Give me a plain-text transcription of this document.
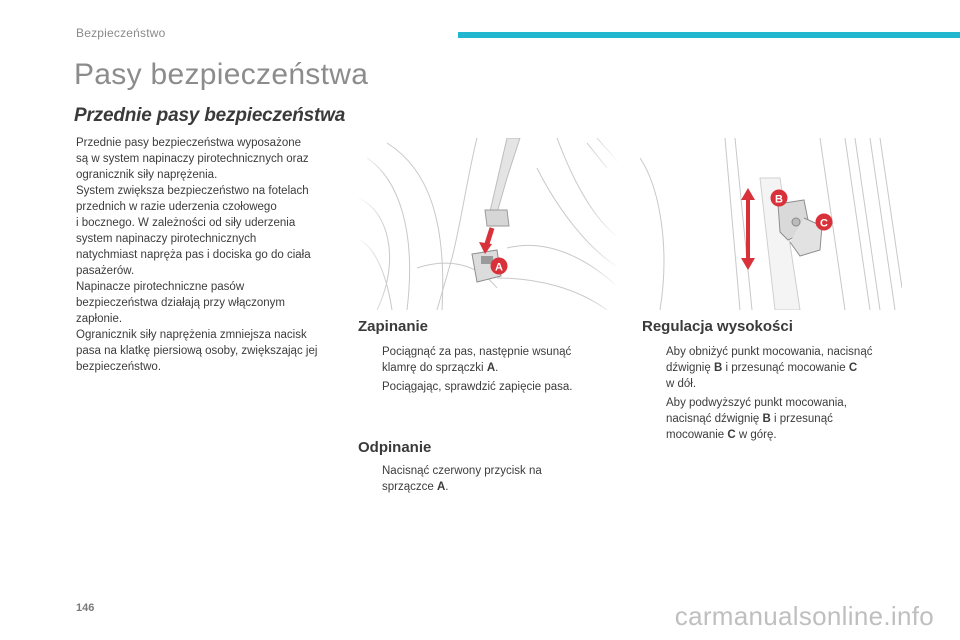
Bezpieczeństwo
Pasy bezpieczeństwa
Przednie pasy bezpieczeństwa

Przednie pasy bezpieczeństwa wyposażone
są w system napinaczy pirotechnicznych oraz
ogranicznik siły naprężenia.

System zwiększa bezpieczeństwo na fotelach
przednich w razie uderzenia czołowego
i bocznego. W zależności od siły uderzenia
system napinaczy pirotechnicznych
natychmiast napręża pas i dociska go do ciała
pasażerów.

Napinacze pirotechniczne pasów
bezpieczeństwa działają przy włączonym
zapłonie.

Ogranicznik siły naprężenia zmniejsza nacisk
pasa na klatkę piersiową osoby, zwiększając jej
bezpieczeństwo.

B
C
Zapinanie
Pociągnąć za pas, następnie wsunąć
klamrę do sprzączki A.
Pociągając, sprawdzić zapięcie pasa.
Odpinanie
Nacisnąć czerwony przycisk na
sprzączce A.
Regulacja wysokości
Aby obniżyć punkt mocowania, nacisnąć
dźwignię B i przesunąć mocowanie C
w dół.
Aby podwyższyć punkt mocowania,
nacisnąć dźwignię B i przesunąć
mocowanie C w górę.
146	carmanualsonline.info
